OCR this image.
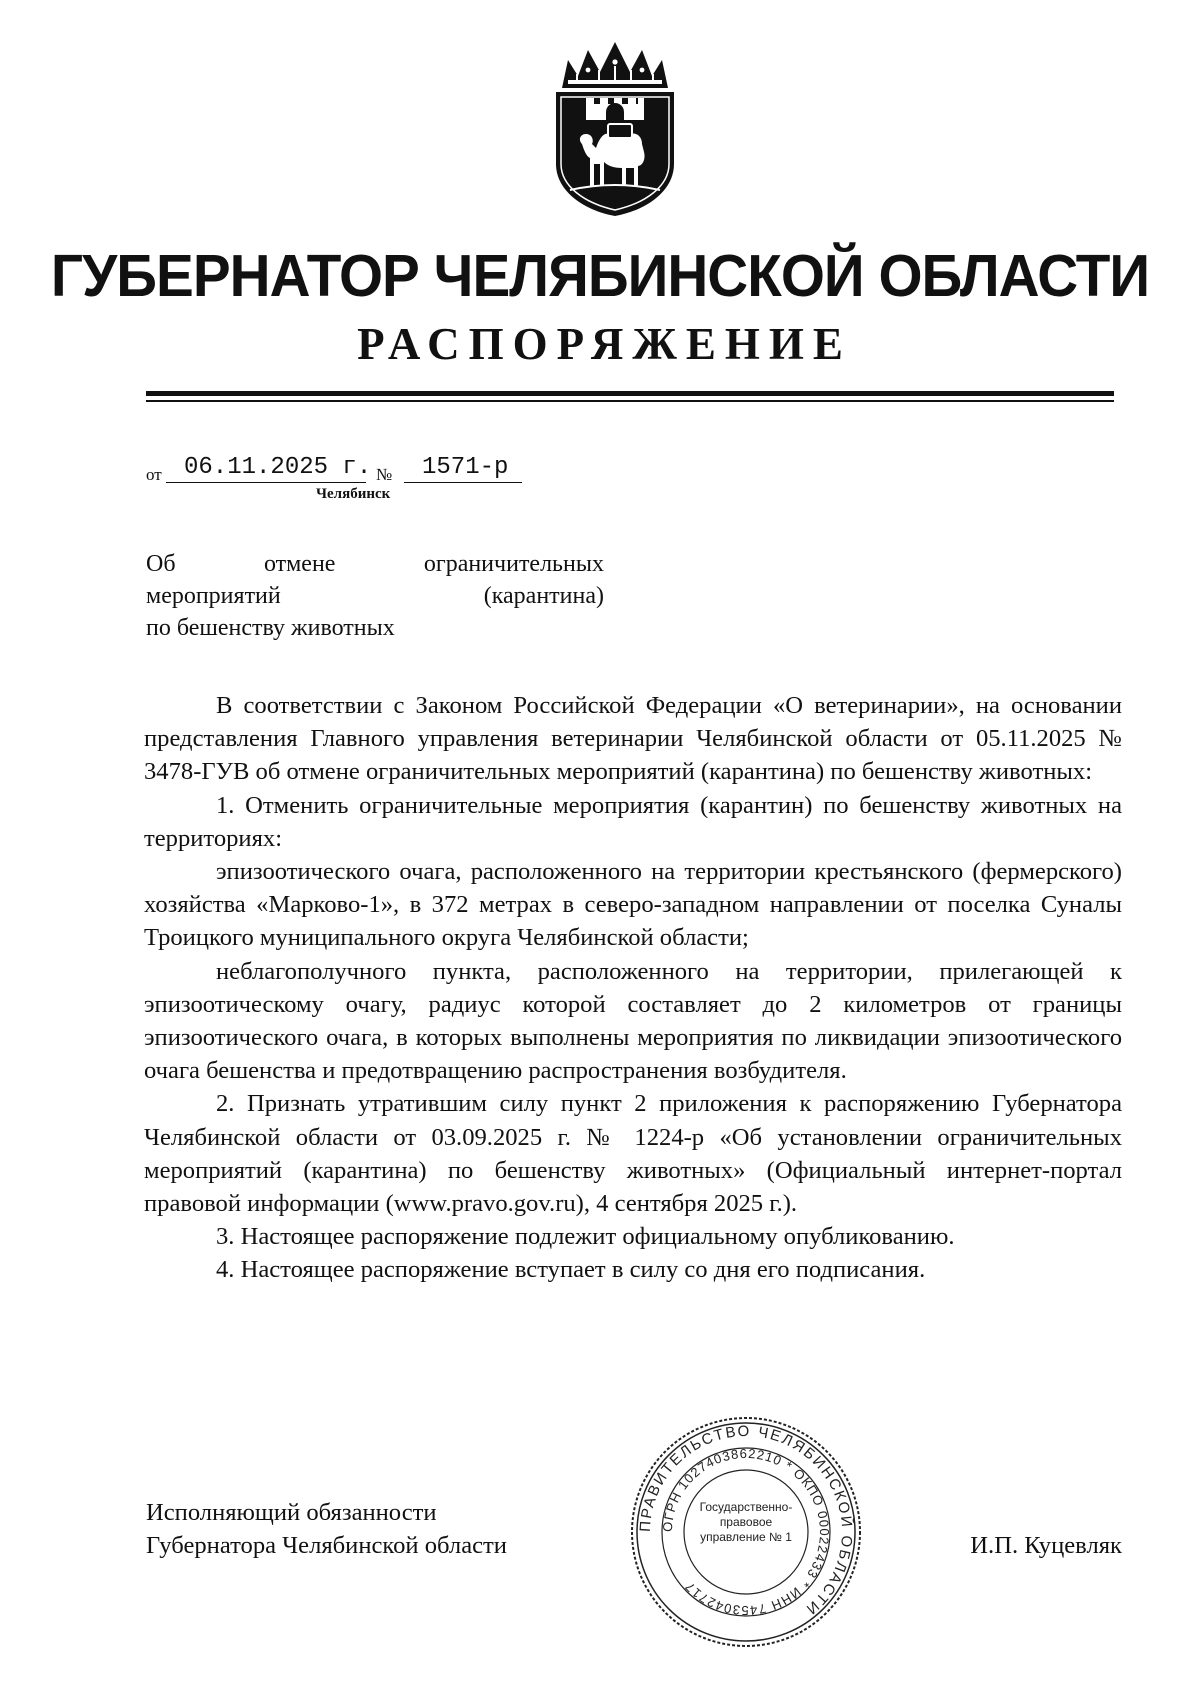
ГУБЕРНАТОР ЧЕЛЯБИНСКОЙ ОБЛАСТИ
РАСПОРЯЖЕНИЕ
от 06.11.2025 г. № 1571-р
Челябинск
Об	отмене	ограничительных
мероприятий	(карантина)
по бешенству животных

В соответствии с Законом Российской Федерации «О ветеринарии», на основании представления Главного управления ветеринарии Челябинской области от 05.11.2025 № 3478-ГУВ об отмене ограничительных мероприятий (карантина) по бешенству животных:

1. Отменить ограничительные мероприятия (карантин) по бешенству животных на территориях:

эпизоотического очага, расположенного на территории крестьянского (фермерского) хозяйства «Марково-1», в 372 метрах в северо-западном направлении от поселка Суналы Троицкого муниципального округа Челябинской области;

неблагополучного пункта, расположенного на территории, прилегающей к эпизоотическому очагу, радиус которой составляет до 2 километров от границы эпизоотического очага, в которых выполнены мероприятия по ликвидации эпизоотического очага бешенства и предотвращению распространения возбудителя.

2. Признать утратившим силу пункт 2 приложения к распоряжению Губернатора Челябинской области от 03.09.2025 г. № 1224-р «Об установлении ограничительных мероприятий (карантина) по бешенству животных» (Официальный интернет-портал правовой информации (www.pravo.gov.ru), 4 сентября 2025 г.).

3. Настоящее распоряжение подлежит официальному опубликованию.

4. Настоящее распоряжение вступает в силу со дня его подписания.

Исполняющий обязанности
Губернатора Челябинской области	И.П. Куцевляк
ПРАВИТЕЛЬСТВО ЧЕЛЯБИНСКОЙ ОБЛАСТИ
ОГРН 1027403862210 * ОКПО 00022433 * ИНН 7453042717
Государственно-правовое управление № 1
